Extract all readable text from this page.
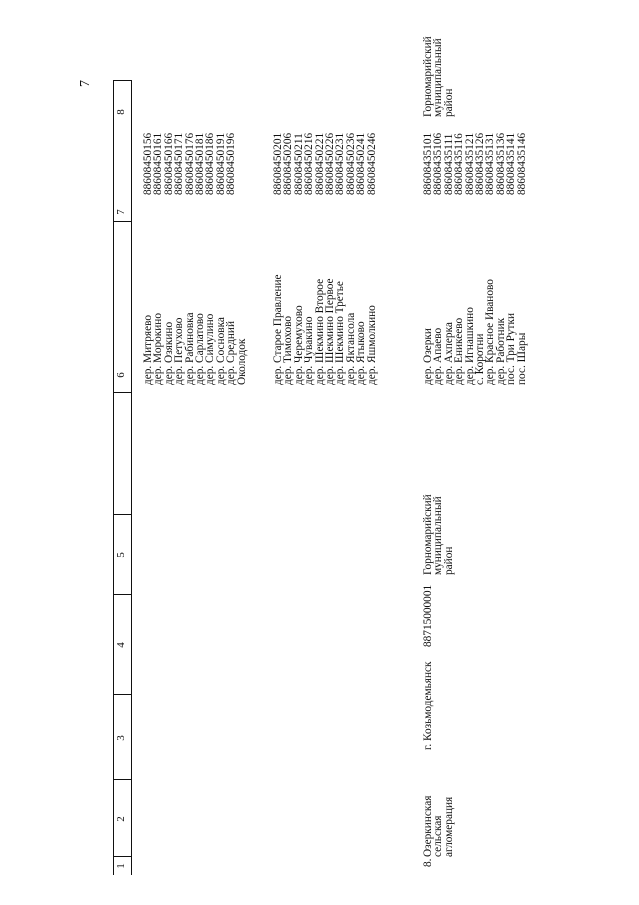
7
1
2
3
4
5
6
7
8
дер. Митряево
дер. Морокино
дер. Озякино
дер. Петухово
дер. Рабиновка
дер. Сарлатово
дер. Симулино
дер. Сосновка
дер. Средний
Околодок
88608450156
88608450161
88608450166
88608450171
88608450176
88608450181
88608450186
88608450191
88608450196
дер. Старое Правление
дер. Тимохово
дер. Черемухово
дер. Чувакино
дер. Шекмино Второе
дер. Шекмино Первое
дер. Шекмино Третье
дер. Яктансола
дер. Ятыково
дер. Яшмолкино
88608450201
88608450206
88608450211
88608450216
88608450221
88608450226
88608450231
88608450236
88608450241
88608450246
8.
Озеркинская
сельская
агломерация
г. Козьмодемьянск
88715000001
Горномарийский
муниципальный
район
дер. Озерки
дер. Апаево
дер. Ахперка
дер. Еникеево
дер. Игнашкино
с. Коротни
дер. Красное Иваново
дер. Работник
пос. Три Рутки
пос. Шары
88608435101
88608435106
88608435111
88608435116
88608435121
88608435126
88608435131
88608435136
88608435141
88608435146
Горномарийский
муниципальный
район
